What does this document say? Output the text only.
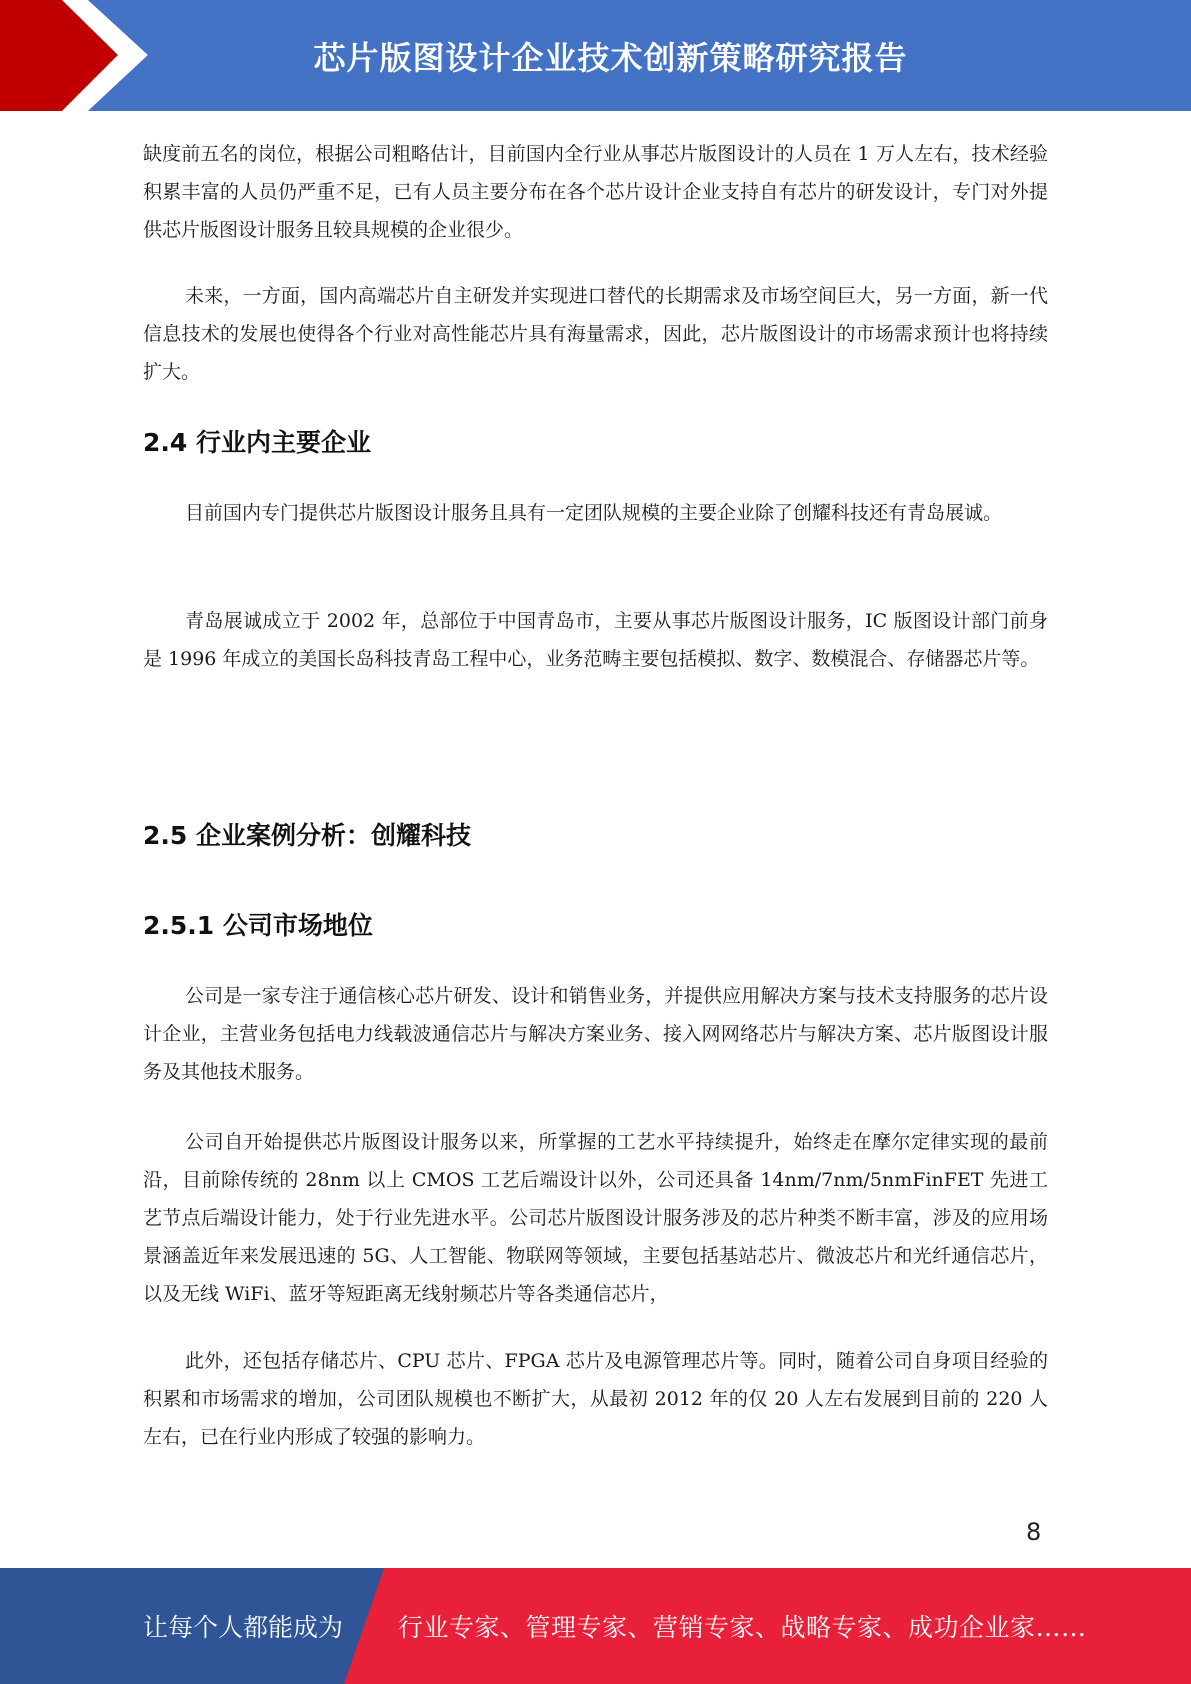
芯片版图设计企业技术创新策略研究报告

缺度前五名的岗位，根据公司粗略估计，目前国内全行业从事芯片版图设计的人员在 1 万人左右，技术经验积累丰富的人员仍严重不足，已有人员主要分布在各个芯片设计企业支持自有芯片的研发设计，专门对外提供芯片版图设计服务且较具规模的企业很少。

未来，一方面，国内高端芯片自主研发并实现进口替代的长期需求及市场空间巨大，另一方面，新一代信息技术的发展也使得各个行业对高性能芯片具有海量需求，因此，芯片版图设计的市场需求预计也将持续扩大。

2.4 行业内主要企业

目前国内专门提供芯片版图设计服务且具有一定团队规模的主要企业除了创耀科技还有青岛展诚。

青岛展诚成立于 2002 年，总部位于中国青岛市，主要从事芯片版图设计服务，IC 版图设计部门前身是 1996 年成立的美国长岛科技青岛工程中心，业务范畴主要包括模拟、数字、数模混合、存储器芯片等。

2.5 企业案例分析：创耀科技
2.5.1 公司市场地位

公司是一家专注于通信核心芯片研发、设计和销售业务，并提供应用解决方案与技术支持服务的芯片设计企业，主营业务包括电力线载波通信芯片与解决方案业务、接入网网络芯片与解决方案、芯片版图设计服务及其他技术服务。

公司自开始提供芯片版图设计服务以来，所掌握的工艺水平持续提升，始终走在摩尔定律实现的最前沿，目前除传统的 28nm 以上 CMOS 工艺后端设计以外，公司还具备 14nm/7nm/5nmFinFET 先进工艺节点后端设计能力，处于行业先进水平。公司芯片版图设计服务涉及的芯片种类不断丰富，涉及的应用场景涵盖近年来发展迅速的 5G、人工智能、物联网等领域，主要包括基站芯片、微波芯片和光纤通信芯片，以及无线 WiFi、蓝牙等短距离无线射频芯片等各类通信芯片，

此外，还包括存储芯片、CPU 芯片、FPGA 芯片及电源管理芯片等。同时，随着公司自身项目经验的积累和市场需求的增加，公司团队规模也不断扩大，从最初 2012 年的仅 20 人左右发展到目前的 220 人左右，已在行业内形成了较强的影响力。

8
让每个人都能成为 行业专家、管理专家、营销专家、战略专家、成功企业家……
